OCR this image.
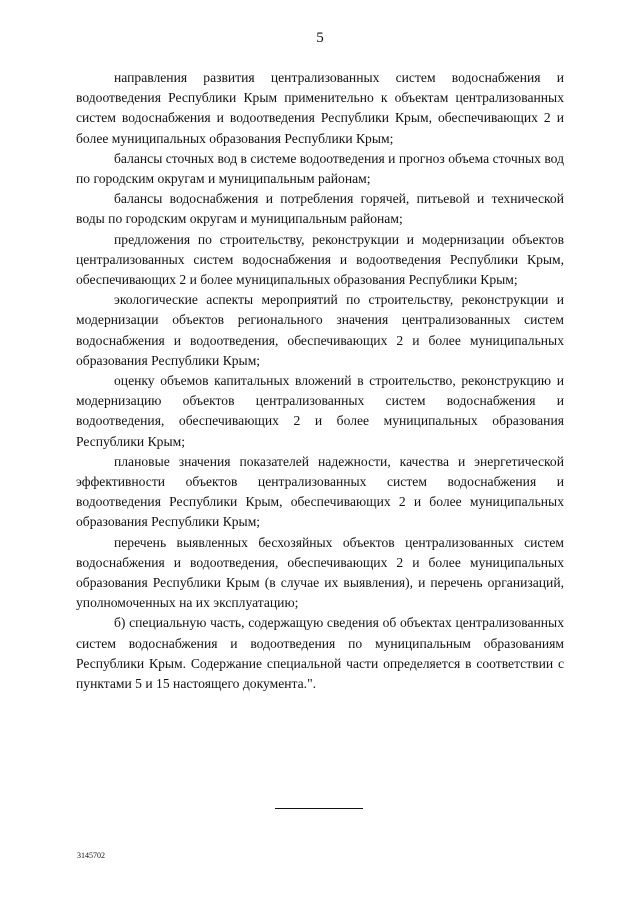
5

направления развития централизованных систем водоснабжения и водоотведения Республики Крым применительно к объектам централизованных систем водоснабжения и водоотведения Республики Крым, обеспечивающих 2 и более муниципальных образования Республики Крым;

балансы сточных вод в системе водоотведения и прогноз объема сточных вод по городским округам и муниципальным районам;

балансы водоснабжения и потребления горячей, питьевой и технической воды по городским округам и муниципальным районам;

предложения по строительству, реконструкции и модернизации объектов централизованных систем водоснабжения и водоотведения Республики Крым, обеспечивающих 2 и более муниципальных образования Республики Крым;

экологические аспекты мероприятий по строительству, реконструкции и модернизации объектов регионального значения централизованных систем водоснабжения и водоотведения, обеспечивающих 2 и более муниципальных образования Республики Крым;

оценку объемов капитальных вложений в строительство, реконструкцию и модернизацию объектов централизованных систем водоснабжения и водоотведения, обеспечивающих 2 и более муниципальных образования Республики Крым;

плановые значения показателей надежности, качества и энергетической эффективности объектов централизованных систем водоснабжения и водоотведения Республики Крым, обеспечивающих 2 и более муниципальных образования Республики Крым;

перечень выявленных бесхозяйных объектов централизованных систем водоснабжения и водоотведения, обеспечивающих 2 и более муниципальных образования Республики Крым (в случае их выявления), и перечень организаций, уполномоченных на их эксплуатацию;

б) специальную часть, содержащую сведения об объектах централизованных систем водоснабжения и водоотведения по муниципальным образованиям Республики Крым. Содержание специальной части определяется в соответствии с пунктами 5 и 15 настоящего документа.".

3145702
